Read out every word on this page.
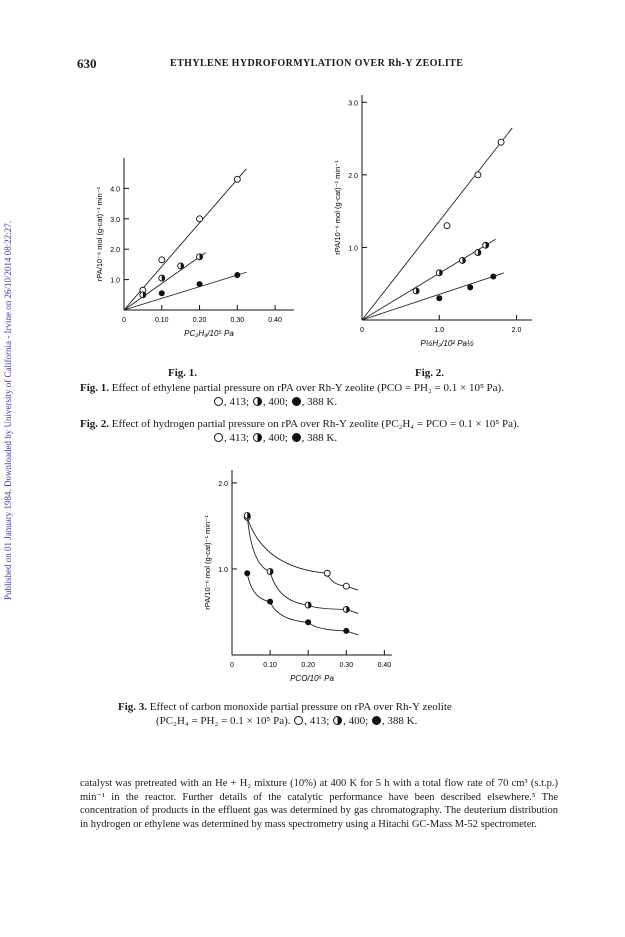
630	ETHYLENE HYDROFORMYLATION OVER Rh-Y ZEOLITE
Published on 01 January 1984. Downloaded by University of California - Irvine on 26/10/2014 08:22:27.	1.0
2.0
3.0
4.0
0	0.10	0.20	0.30	0.40
rPA/10⁻⁶ mol (g-cat)⁻¹ min⁻¹
PC₂H₄/10⁵ Pa
Fig. 1.
1.0
2.0
3.0
0	1.0	2.0
rPA/10⁻⁶ mol (g-cat)⁻¹ min⁻¹
P½H₂/10² Pa½
Fig. 2.
Fig. 1. Effect of ethylene partial pressure on rPA over Rh-Y zeolite (PCO = PH₂ = 0.1 × 10⁵ Pa).
, 413; , 400; , 388 K.
Fig. 2. Effect of hydrogen partial pressure on rPA over Rh-Y zeolite (PC₂H₄ = PCO = 0.1 × 10⁵ Pa).
, 413; , 400; , 388 K.
1.0
2.0
0	0.10	0.20	0.30	0.40
rPA/10⁻⁶ mol (g-cat)⁻¹ min⁻¹
PCO/10⁵ Pa
Fig. 3. Effect of carbon monoxide partial pressure on rPA over Rh-Y zeolite
(PC₂H₄ = PH₂ = 0.1 × 10⁵ Pa). , 413; , 400; , 388 K.
catalyst was pretreated with an He + H₂ mixture (10%) at 400 K for 5 h with a total flow rate of 70 cm³ (s.t.p.) min⁻¹ in the reactor. Further details of the catalytic performance have been described elsewhere.⁵ The concentration of products in the effluent gas was determined by gas chromatography. The deuterium distribution in hydrogen or ethylene was determined by mass spectrometry using a Hitachi GC-Mass M-52 spectrometer.
